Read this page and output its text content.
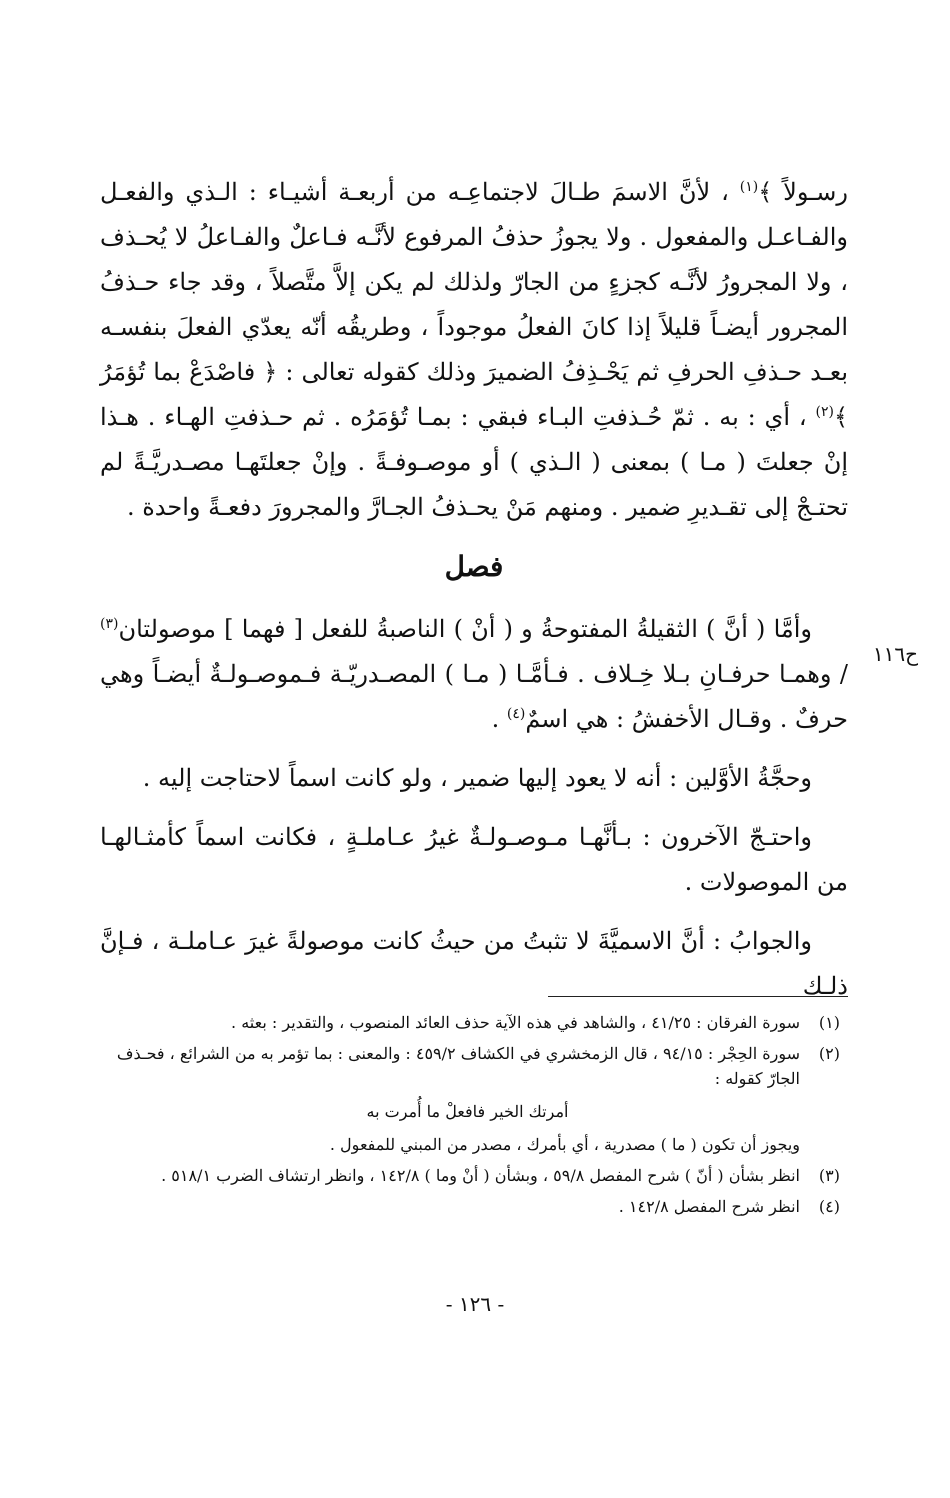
رسـولاً ﴾$^{(١)}$ ، لأنَّ الاسمَ طـالَ لاجتماعِـه من أربعـة أشيـاء : الـذي والفعـل والفـاعـل والمفعول . ولا يجوزُ حذفُ المرفوع لأنَّـه فـاعلٌ والفـاعلُ لا يُحـذف ، ولا المجرورُ لأنَّـه كجزءٍ من الجارّ ولذلك لم يكن إلاَّ متَّصلاً ، وقد جاء حـذفُ المجرور أيضـاً قليلاً إذا كانَ الفعلُ موجوداً ، وطريقُه أنّه يعدّي الفعلَ بنفسـه بعـد حـذفِ الحرفِ ثم يَحْـذِفُ الضميرَ وذلك كقوله تعالى : ﴿ فاصْدَعْ بما تُؤمَرُ ﴾$^{(٢)}$ ، أي : به . ثمّ حُـذفتِ البـاء فبقي : بمـا تُؤمَرُه . ثم حـذفتِ الهـاء . هـذا إنْ جعلتَ ( مـا ) بمعنى ( الـذي ) أو موصـوفـةً . وإنْ جعلتَهـا مصـدريَّـةً لم تحتـجْ إلى تقـديرِ ضمير . ومنهم مَنْ يحـذفُ الجـارَّ والمجرورَ دفعـةً واحدة .

فصل

وأمَّا ( أنَّ ) الثقيلةُ المفتوحةُ و ( أنْ ) الناصبةُ للفعل [ فهما ] موصولتان$^{(٣)}$ / وهمـا حرفـانِ بـلا خِـلاف . فـأمَّـا ( مـا ) المصـدريّـة فـموصـولـةٌ أيضـاً وهي حرفٌ . وقـال الأخفشُ : هي اسمٌ$^{(٤)}$ .

وحجَّةُ الأوَّلين : أنه لا يعود إليها ضمير ، ولو كانت اسماً لاحتاجت إليه .

واحتـجّ الآخرون : بـأنَّهـا مـوصـولـةٌ غيرُ عـاملـةٍ ، فكانت اسماً كأمثـالهـا من الموصولات .

والجوابُ : أنَّ الاسميَّةَ لا تثبتُ من حيثُ كانت موصولةً غيرَ عـاملـة ، فـإنَّ ذلـك

ح١١٦
(١)
سورة الفرقان : ٤١/٢٥ ، والشاهد في هذه الآية حذف العائد المنصوب ، والتقدير : بعثه .
(٢)
سورة الحِجْر : ٩٤/١٥ ، قال الزمخشري في الكشاف ٤٥٩/٢ : والمعنى : بما تؤمر به من الشرائع ، فحـذف الجارّ كقوله :
أمرتك الخير فافعلْ ما أُمرت به
ويجوز أن تكون ( ما ) مصدرية ، أي بأمرك ، مصدر من المبني للمفعول .
(٣)
انظر بشأن ( أنّ ) شرح المفصل ٥٩/٨ ، وبشأن ( أنْ وما ) ١٤٢/٨ ، وانظر ارتشاف الضرب ٥١٨/١ .
(٤)
انظر شرح المفصل ١٤٢/٨ .
- ١٢٦ -
